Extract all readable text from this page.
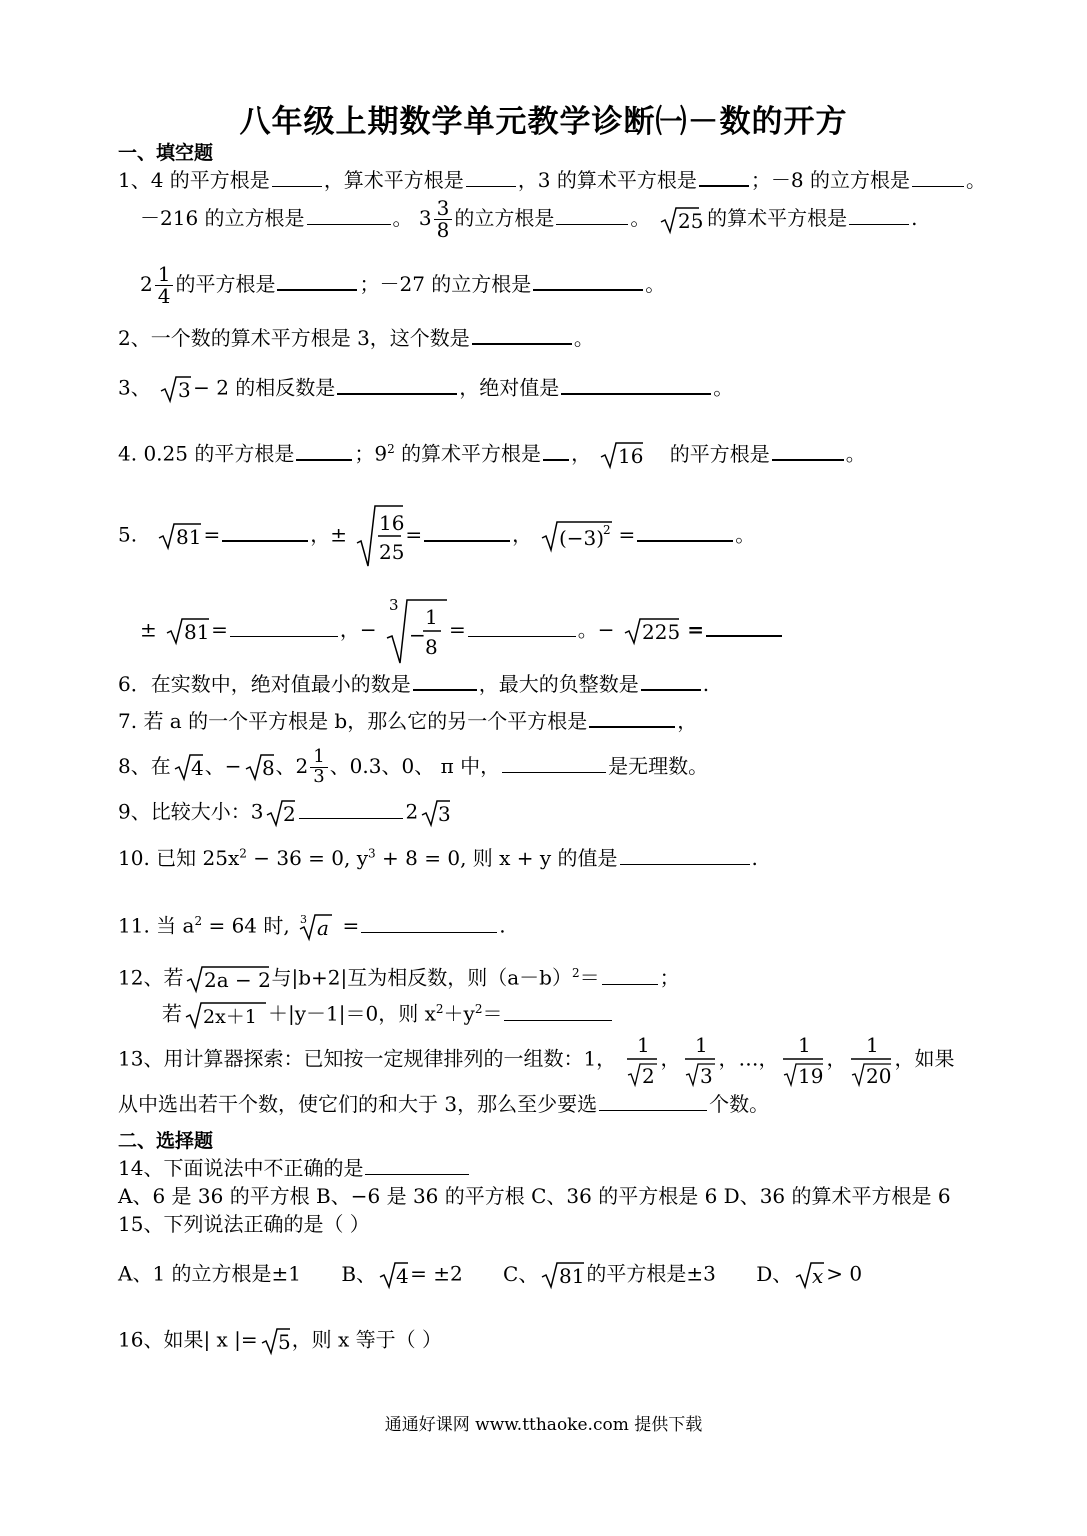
八年级上期数学单元教学诊断㈠－数的开方
一、填空题
1、4 的平方根是	，算术平方根是	，3 的算术平方根是	；－8 的立方根是	。
－216 的立方根是	。 $3 \frac{3}{8}$ 的立方根是	。 25 的算术平方根是	.
$2 \frac{1}{4}$ 的平方根是	；－27 的立方根是	。
2、一个数的算术平方根是 3，这个数是	。
3、 3 − 2 的相反数是	，绝对值是	。
4. 0.25 的平方根是	；$9^2$ 的算术平方根是 ， 16 的平方根是	。
5. 81 =	，± 16
25
=	， (−3)
2 =	。
± 81 =	，−
3
−
1
8
=	。− 225 =
6．在实数中，绝对值最小的数是	，最大的负整数是	.
7. 若 a 的一个平方根是 b，那么它的另一个平方根是	，
8、在 4 、− 8 、$2 \frac{1}{3}$ 、0.3、0、 π 中，	是无理数。
9、比较大小：3 2	2 3
10. 已知 $25x^2 - 36 = 0$, $y^3 + 8 = 0$, 则 x + y 的值是	.
11. 当 $a^2 = 64$ 时, 3 a =	.
12、若 2a − 2 与|b+2|互为相反数，则$(a-b)^2=$	；
若 2x＋1 ＋|y－1|＝0，则 $x^2+y^2=$
13、用计算器探索：已知按一定规律排列的一组数：1，
1
2
，
1
3
，…，
1
19
，
1
20
，如果
从中选出若干个数，使它们的和大于 3，那么至少要选	个数。
二、选择题
14、下面说法中不正确的是
A、6 是 36 的平方根 B、−6 是 36 的平方根 C、36 的平方根是 6 D、36 的算术平方根是 6
15、下列说法正确的是（ ）
A、1 的立方根是±1 B、 4 = ±2 C、 81 的平方根是±3 D、 x > 0
16、如果| x |= 5 ，则 x 等于（ ）
通通好课网 www.tthaoke.com 提供下载
